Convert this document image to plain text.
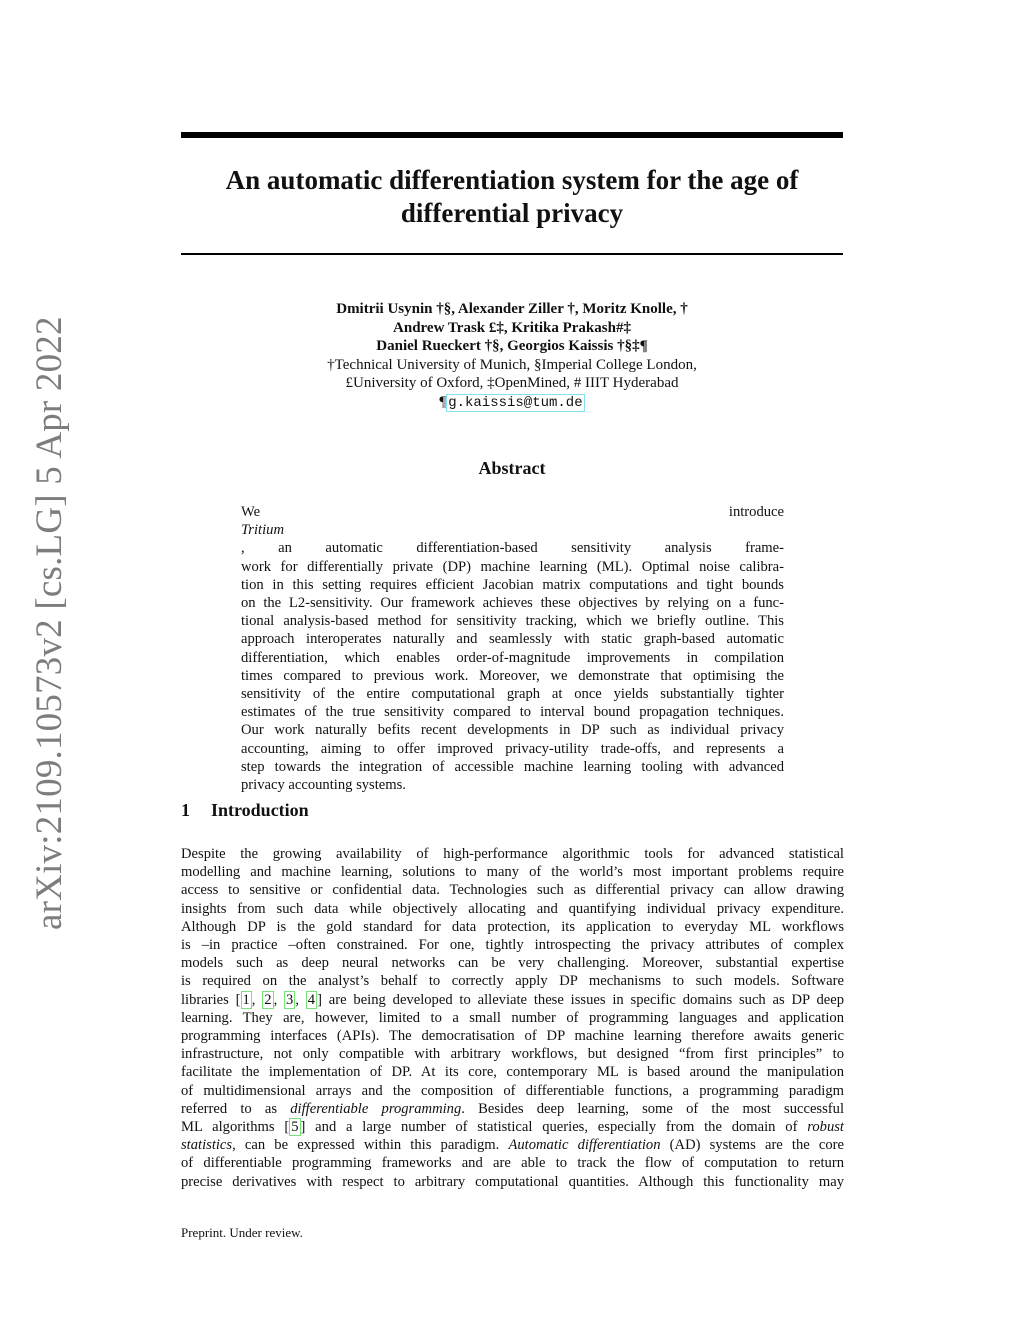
An automatic differentiation system for the age of
differential privacy
Dmitrii Usynin †§, Alexander Ziller †, Moritz Knolle, †
Andrew Trask £‡, Kritika Prakash#‡
Daniel Rueckert †§, Georgios Kaissis †§‡¶
†Technical University of Munich, §Imperial College London,
£University of Oxford, ‡OpenMined, # IIIT Hyderabad
¶ g.kaissis@tum.de
arXiv:2109.10573v2 [cs.LG] 5 Apr 2022	Abstract
We introduce
Tritium
, an automatic differentiation-based sensitivity analysis frame-
work for differentially private (DP) machine learning (ML). Optimal noise calibra-
tion in this setting requires efficient Jacobian matrix computations and tight bounds
on the L2-sensitivity. Our framework achieves these objectives by relying on a func-
tional analysis-based method for sensitivity tracking, which we briefly outline. This
approach interoperates naturally and seamlessly with static graph-based automatic
differentiation, which enables order-of-magnitude improvements in compilation
times compared to previous work. Moreover, we demonstrate that optimising the
sensitivity of the entire computational graph at once yields substantially tighter
estimates of the true sensitivity compared to interval bound propagation techniques.
Our work naturally befits recent developments in DP such as individual privacy
accounting, aiming to offer improved privacy-utility trade-offs, and represents a
step towards the integration of accessible machine learning tooling with advanced
privacy accounting systems.
1 Introduction
Despite the growing availability of high-performance algorithmic tools for advanced statistical
modelling and machine learning, solutions to many of the world’s most important problems require
access to sensitive or confidential data. Technologies such as differential privacy can allow drawing
insights from such data while objectively allocating and quantifying individual privacy expenditure.
Although DP is the gold standard for data protection, its application to everyday ML workflows
is –in practice –often constrained. For one, tightly introspecting the privacy attributes of complex
models such as deep neural networks can be very challenging. Moreover, substantial expertise
is required on the analyst’s behalf to correctly apply DP mechanisms to such models. Software
libraries [ 1 , 2 , 3 , 4 ] are being developed to alleviate these issues in specific domains such as DP deep
learning. They are, however, limited to a small number of programming languages and application
programming interfaces (APIs). The democratisation of DP machine learning therefore awaits generic
infrastructure, not only compatible with arbitrary workflows, but designed “from first principles” to
facilitate the implementation of DP. At its core, contemporary ML is based around the manipulation
of multidimensional arrays and the composition of differentiable functions, a programming paradigm
referred to as differentiable programming. Besides deep learning, some of the most successful
ML algorithms [ 5 ] and a large number of statistical queries, especially from the domain of robust
statistics, can be expressed within this paradigm. Automatic differentiation (AD) systems are the core
of differentiable programming frameworks and are able to track the flow of computation to return
precise derivatives with respect to arbitrary computational quantities. Although this functionality may
Preprint. Under review.
